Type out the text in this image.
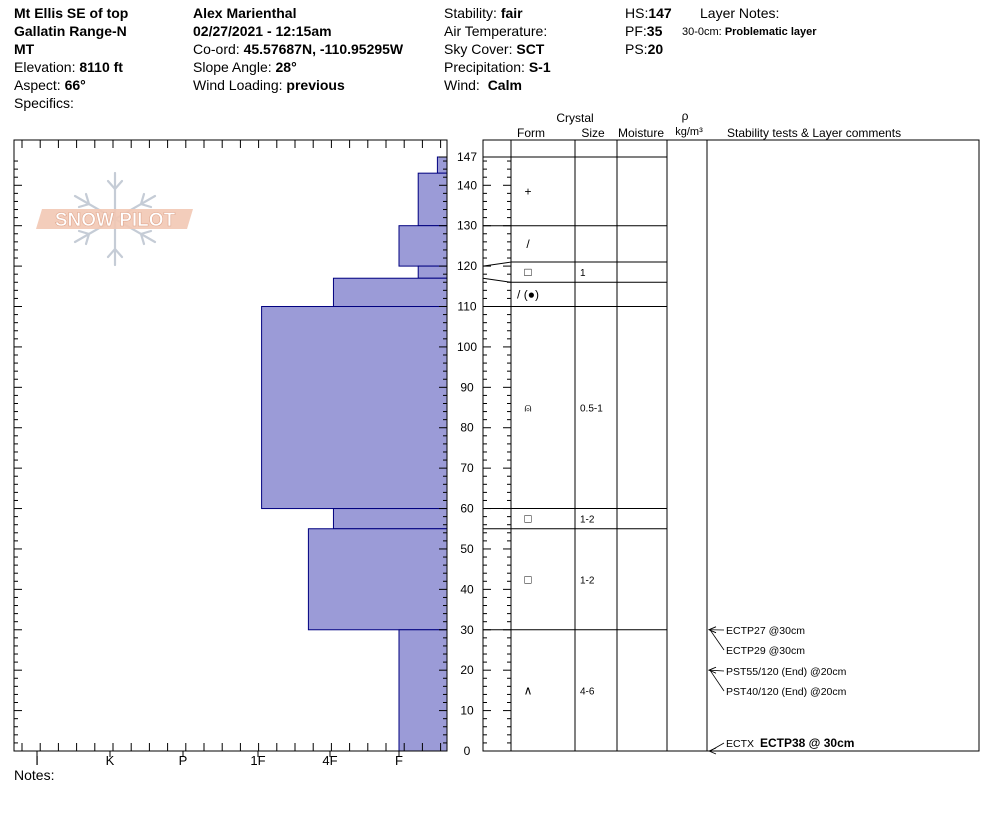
Mt Ellis SE of top
Gallatin Range-N
MT
Elevation: 8110 ft
Aspect: 66°
Specifics:
Alex Marienthal
02/27/2021 - 12:15am
Co-ord: 45.57687N, -110.95295W
Slope Angle: 28°
Wind Loading: previous
Stability: fair
Air Temperature:
Sky Cover: SCT
Precipitation: S-1
Wind: Calm
HS:147
PF:35
PS:20
Layer Notes:
30-0cm: Problematic layer
Notes:
SNOW PILOT
0
10
20
30
40
50
60
70
80
90
100
110
120
130
140
147
I	K	P	1F	4F	F
+
/
□	1
/ (●)
⍝	0.5-1
□	1-2
□	1-2
∧	4-6
ECTP27 @30cm
ECTP29 @30cm
PST55/120 (End) @20cm
PST40/120 (End) @20cm
ECTX ECTP38 @ 30cm
Crystal
Form	Size Moisture
ρ
kg/m³ Stability tests & Layer comments
